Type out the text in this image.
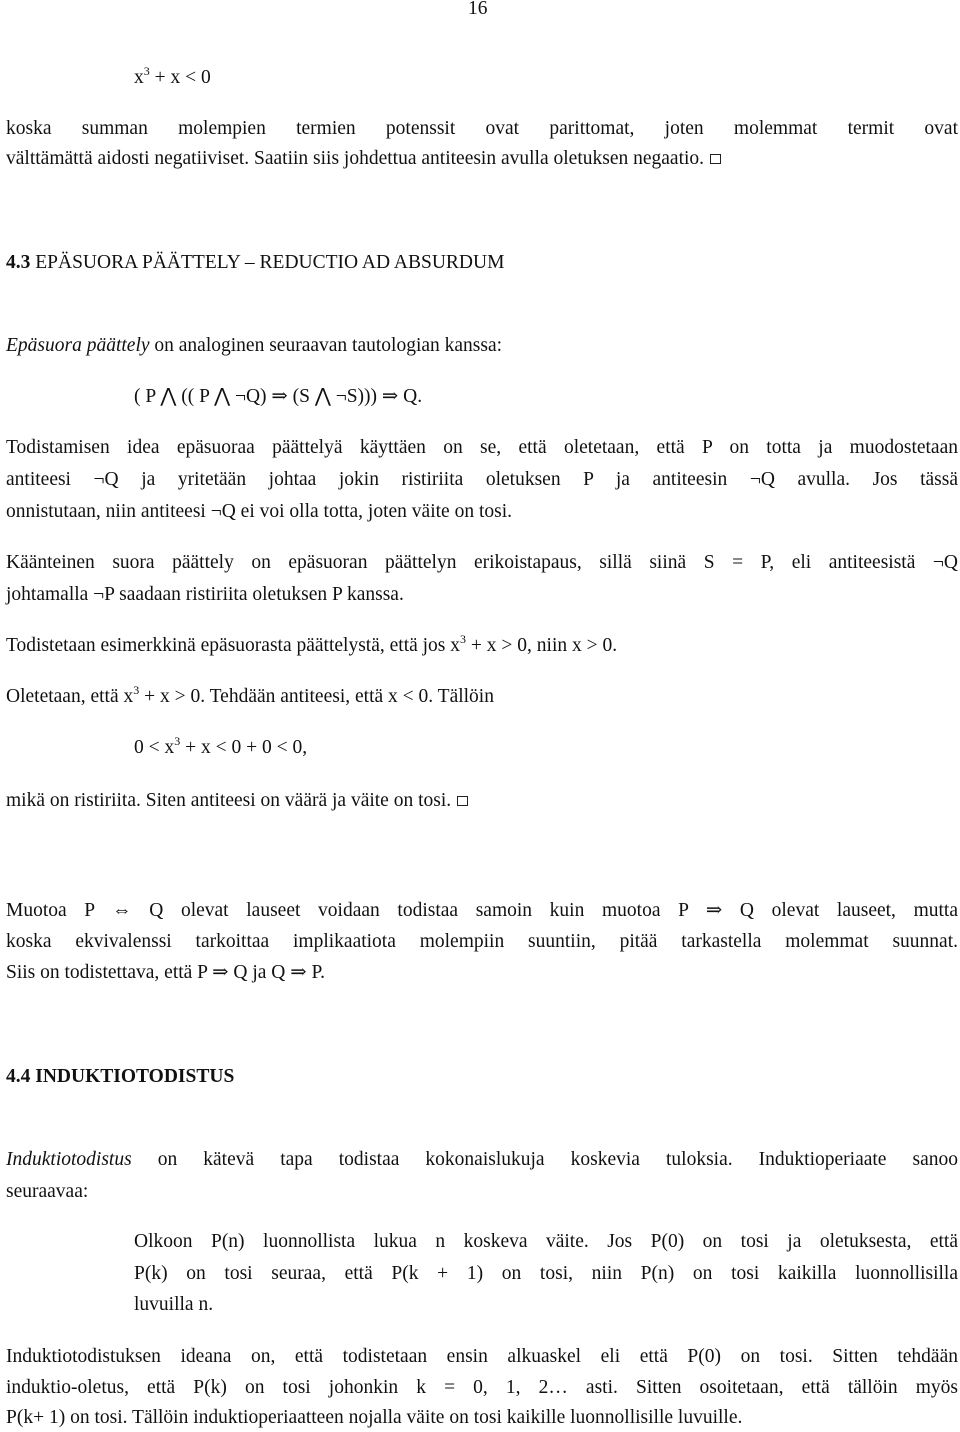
16
$x^3 + x < 0$
koska summan molempien termien potenssit ovat parittomat, joten molemmat termit ovat
välttämättä aidosti negatiiviset. Saatiin siis johdettua antiteesin avulla oletuksen negaatio.
4.3 EPÄSUORA PÄÄTTELY – REDUCTIO AD ABSURDUM
Epäsuora päättely on analoginen seuraavan tautologian kanssa:
( P ⋀ (( P ⋀ ¬Q) ⇒ (S ⋀ ¬S))) ⇒ Q.
Todistamisen idea epäsuoraa päättelyä käyttäen on se, että oletetaan, että P on totta ja muodostetaan
antiteesi ¬Q ja yritetään johtaa jokin ristiriita oletuksen P ja antiteesin ¬Q avulla. Jos tässä
onnistutaan, niin antiteesi ¬Q ei voi olla totta, joten väite on tosi.
Käänteinen suora päättely on epäsuoran päättelyn erikoistapaus, sillä siinä S = P, eli antiteesistä ¬Q
johtamalla ¬P saadaan ristiriita oletuksen P kanssa.
Todistetaan esimerkkinä epäsuorasta päättelystä, että jos $x^3 + x > 0$, niin x > 0.
Oletetaan, että $x^3 + x > 0$. Tehdään antiteesi, että x < 0. Tällöin
$0 < x^3 + x < 0 + 0 < 0$,
mikä on ristiriita. Siten antiteesi on väärä ja väite on tosi.
Muotoa P ⇔ Q olevat lauseet voidaan todistaa samoin kuin muotoa P ⇒ Q olevat lauseet, mutta
koska ekvivalenssi tarkoittaa implikaatiota molempiin suuntiin, pitää tarkastella molemmat suunnat.
Siis on todistettava, että P ⇒ Q ja Q ⇒ P.
4.4 INDUKTIOTODISTUS
Induktiotodistus on kätevä tapa todistaa kokonaislukuja koskevia tuloksia. Induktioperiaate sanoo
seuraavaa:
Olkoon P(n) luonnollista lukua n koskeva väite. Jos P(0) on tosi ja oletuksesta, että
P(k) on tosi seuraa, että P(k + 1) on tosi, niin P(n) on tosi kaikilla luonnollisilla
luvuilla n.
Induktiotodistuksen ideana on, että todistetaan ensin alkuaskel eli että P(0) on tosi. Sitten tehdään
induktio-oletus, että P(k) on tosi johonkin k = 0, 1, 2… asti. Sitten osoitetaan, että tällöin myös
P(k+ 1) on tosi. Tällöin induktioperiaatteen nojalla väite on tosi kaikille luonnollisille luvuille.
